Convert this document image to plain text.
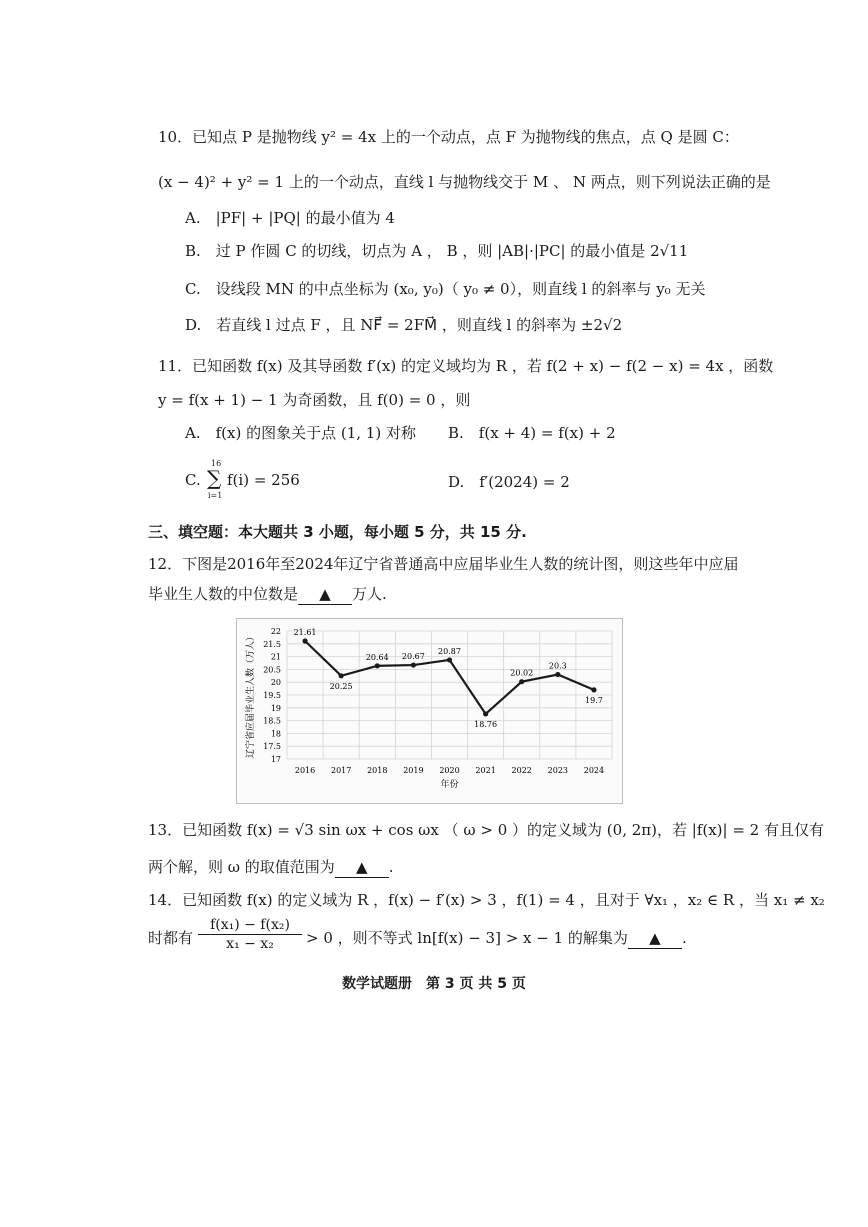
10．已知点 P 是抛物线 y² = 4x 上的一个动点，点 F 为抛物线的焦点，点 Q 是圆 C：
(x − 4)² + y² = 1 上的一个动点，直线 l 与抛物线交于 M 、 N 两点，则下列说法正确的是
A.　|PF| + |PQ| 的最小值为 4
B.　过 P 作圆 C 的切线，切点为 A ， B ，则 |AB|·|PC| 的最小值是 2√11
C.　设线段 MN 的中点坐标为 (x₀, y₀)（ y₀ ≠ 0），则直线 l 的斜率与 y₀ 无关
D.　若直线 l 过点 F ，且 NF⃗ = 2FM⃗ ，则直线 l 的斜率为 ±2√2
11．已知函数 f(x) 及其导函数 f′(x) 的定义域均为 R ，若 f(2 + x) − f(2 − x) = 4x ，函数
y = f(x + 1) − 1 为奇函数，且 f(0) = 0 ，则
A.　f(x) 的图象关于点 (1, 1) 对称 B.　f(x + 4) = f(x) + 2
C.
16
∑
i=1
f(i) = 256	D.　f′(2024) = 2
三、填空题：本大题共 3 小题，每小题 5 分，共 15 分.
12．下图是2016年至2024年辽宁省普通高中应届毕业生人数的统计图，则这些年中应届
毕业生人数的中位数是 ▲ 万人.
17
17.5
18
18.5
19
19.5
20
20.5
21
21.5
22
2016 2017 2018 2019 2020 2021 2022 2023 2024
21.61
20.25
20.64 20.67
20.87
18.76
20.02
20.3
19.7
年份
辽宁省应届毕业生人数（万人）
13．已知函数 f(x) = √3 sin ωx + cos ωx （ ω > 0 ）的定义域为 (0, 2π)，若 |f(x)| = 2 有且仅有
两个解，则 ω 的取值范围为 ▲ .
14．已知函数 f(x) 的定义域为 R ，f(x) − f′(x) > 3 ，f(1) = 4 ，且对于 ∀x₁ ，x₂ ∈ R ，当 x₁ ≠ x₂
时都有 $\frac{\text{f(x₁) − f(x₂)}}{\text{x₁ − x₂}} > 0$ ，则不等式 ln[f(x) − 3] > x − 1 的解集为 ▲ .
数学试题册　第 3 页 共 5 页
